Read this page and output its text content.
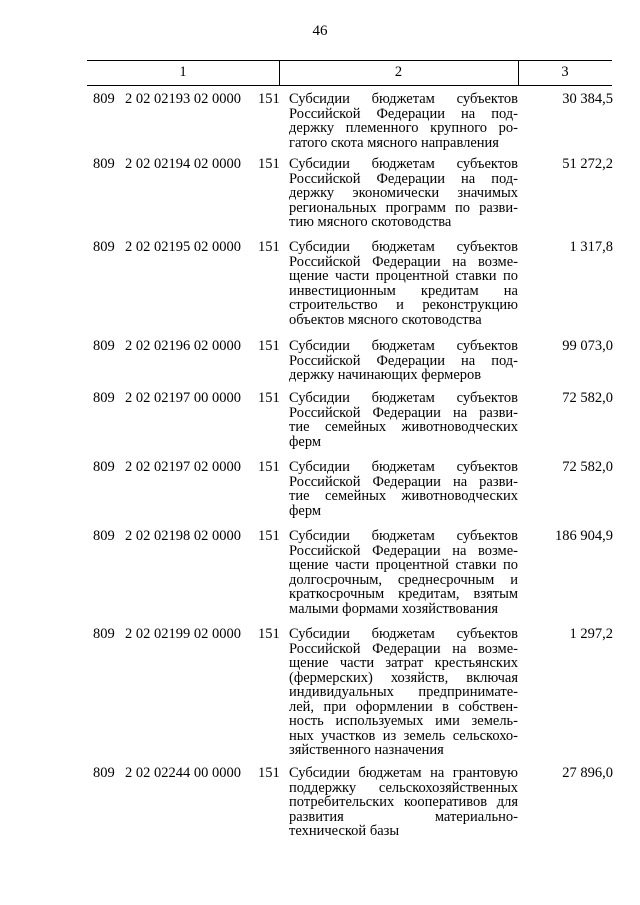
46
1	2	3
809 2 02 02193 02 0000 151 Субсидии бюджетам субъектов
Российской Федерации на под-
держку племенного крупного ро-
гатого скота мясного направления
30 384,5
809 2 02 02194 02 0000 151 Субсидии бюджетам субъектов
Российской Федерации на под-
держку экономически значимых
региональных программ по разви-
тию мясного скотоводства
51 272,2
809 2 02 02195 02 0000 151 Субсидии бюджетам субъектов
Российской Федерации на возме-
щение части процентной ставки по
инвестиционным кредитам на
строительство и реконструкцию
объектов мясного скотоводства
1 317,8
809 2 02 02196 02 0000 151 Субсидии бюджетам субъектов
Российской Федерации на под-
держку начинающих фермеров
99 073,0
809 2 02 02197 00 0000 151 Субсидии бюджетам субъектов
Российской Федерации на разви-
тие семейных животноводческих
ферм
72 582,0
809 2 02 02197 02 0000 151 Субсидии бюджетам субъектов
Российской Федерации на разви-
тие семейных животноводческих
ферм
72 582,0
809 2 02 02198 02 0000 151 Субсидии бюджетам субъектов
Российской Федерации на возме-
щение части процентной ставки по
долгосрочным, среднесрочным и
краткосрочным кредитам, взятым
малыми формами хозяйствования
186 904,9
809 2 02 02199 02 0000 151 Субсидии бюджетам субъектов
Российской Федерации на возме-
щение части затрат крестьянских
(фермерских) хозяйств, включая
индивидуальных предпринимате-
лей, при оформлении в собствен-
ность используемых ими земель-
ных участков из земель сельскохо-
зяйственного назначения
1 297,2
809 2 02 02244 00 0000 151 Субсидии бюджетам на грантовую
поддержку сельскохозяйственных
потребительских кооперативов для
развития материально-
технической базы
27 896,0
